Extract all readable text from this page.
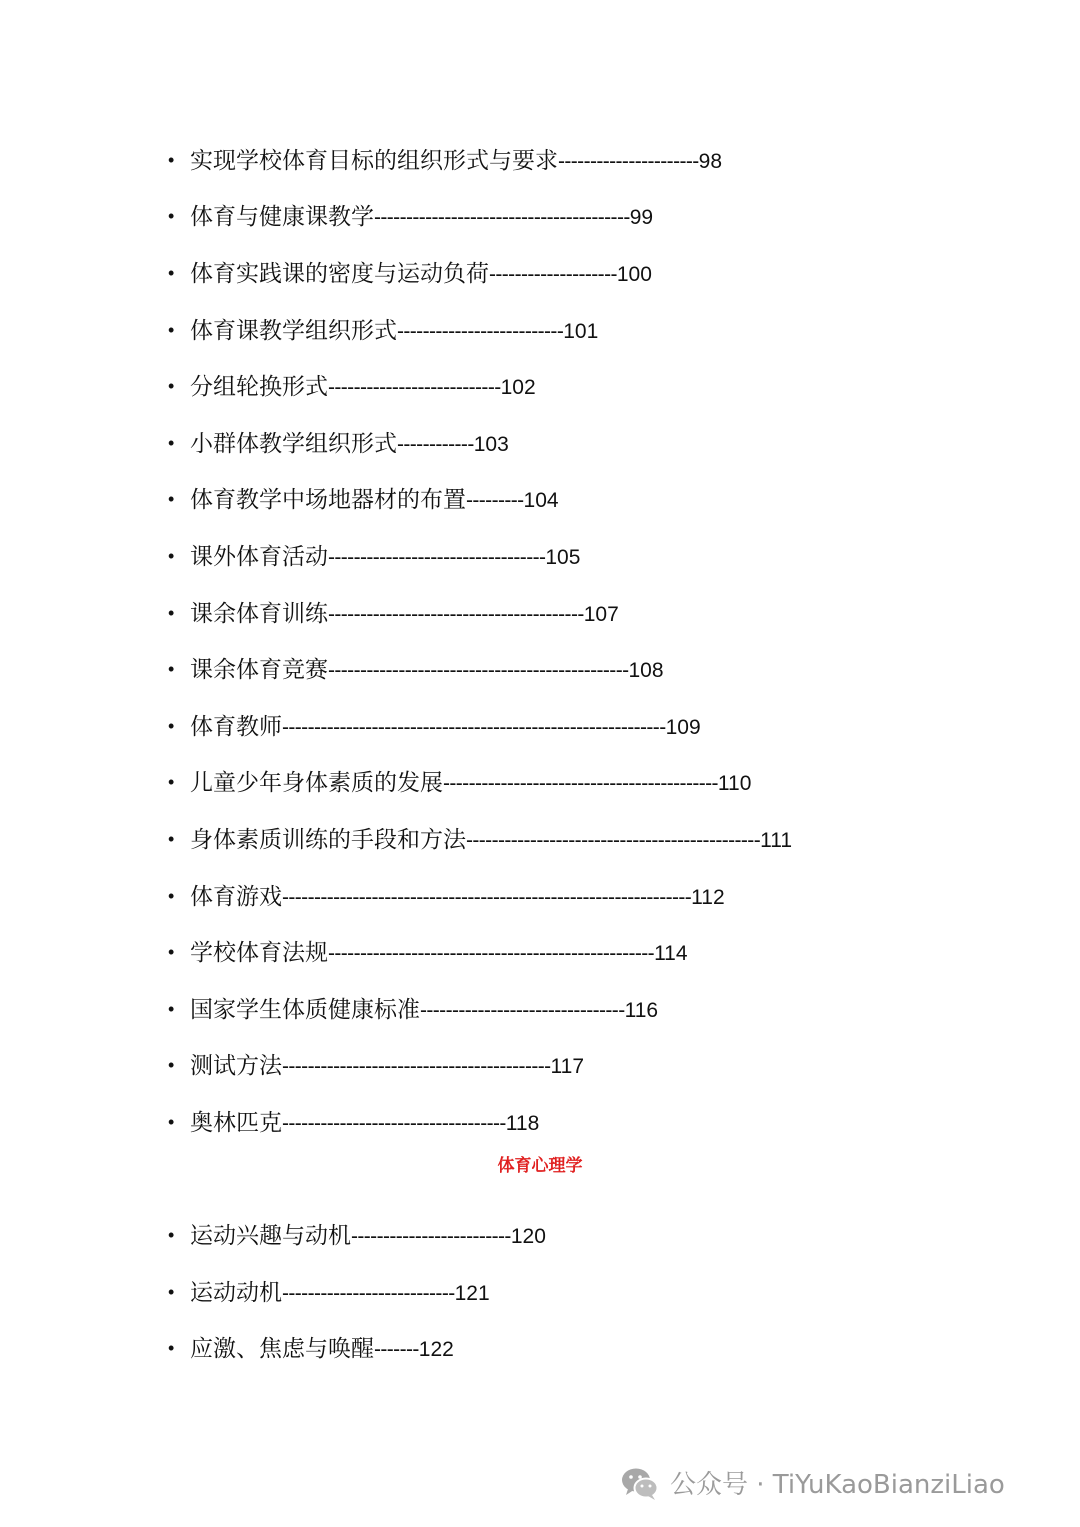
• 实现学校体育目标的组织形式与要求----------------------98
• 体育与健康课教学----------------------------------------99
• 体育实践课的密度与运动负荷--------------------100
• 体育课教学组织形式--------------------------101
• 分组轮换形式---------------------------102
• 小群体教学组织形式------------103
• 体育教学中场地器材的布置---------104
• 课外体育活动----------------------------------105
• 课余体育训练----------------------------------------107
• 课余体育竞赛-----------------------------------------------108
• 体育教师------------------------------------------------------------109
• 儿童少年身体素质的发展-------------------------------------------110
• 身体素质训练的手段和方法----------------------------------------------111
• 体育游戏----------------------------------------------------------------112
• 学校体育法规---------------------------------------------------114
• 国家学生体质健康标准--------------------------------116
• 测试方法------------------------------------------117
• 奥林匹克-----------------------------------118
• 运动兴趣与动机-------------------------120
• 运动动机---------------------------121
• 应激、焦虑与唤醒-------122
体育心理学
公众号 · TiYuKaoBianziLiao
